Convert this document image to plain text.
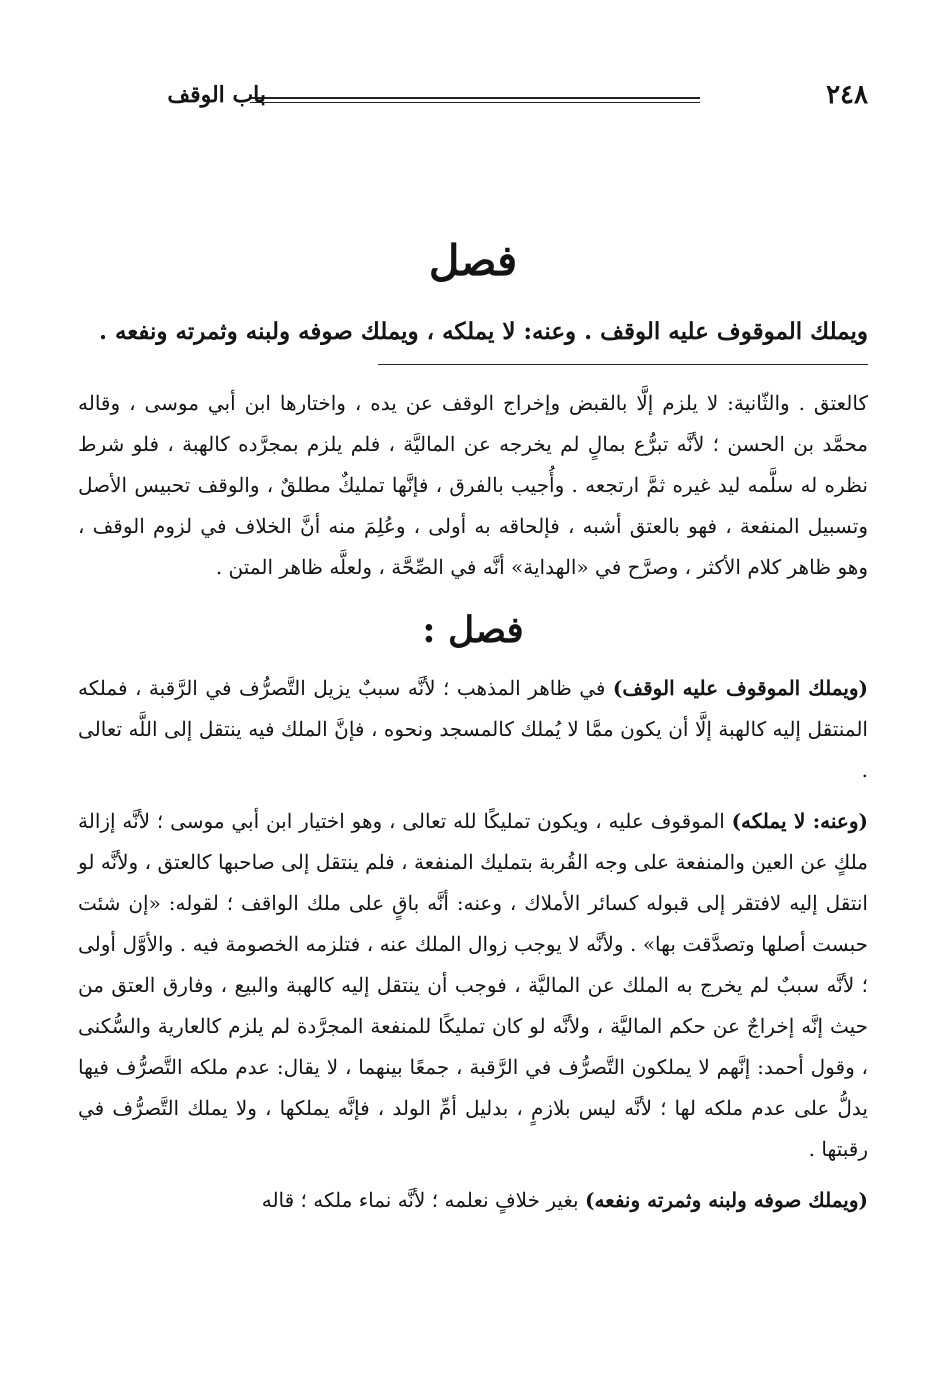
٢٤٨
باب الوقف
فصل
ويملك الموقوف عليه الوقف . وعنه: لا يملكه ، ويملك صوفه ولبنه وثمرته ونفعه .

كالعتق . والثّانية: لا يلزم إلَّا بالقبض وإخراج الوقف عن يده ، واختارها ابن أبي موسى ، وقاله محمَّد بن الحسن ؛ لأنَّه تبرُّع بمالٍ لم يخرجه عن الماليَّة ، فلم يلزم بمجرَّده كالهبة ، فلو شرط نظره له سلَّمه ليد غيره ثمَّ ارتجعه . وأُجيب بالفرق ، فإنَّها تمليكٌ مطلقٌ ، والوقف تحبيس الأصل وتسبيل المنفعة ، فهو بالعتق أشبه ، فإلحاقه به أولى ، وعُلِمَ منه أنَّ الخلاف في لزوم الوقف ، وهو ظاهر كلام الأكثر ، وصرَّح في «الهداية» أنَّه في الصِّحَّة ، ولعلَّه ظاهر المتن .

فصل :

(ويملك الموقوف عليه الوقف) في ظاهر المذهب ؛ لأنَّه سببٌ يزيل التَّصرُّف في الرَّقبة ، فملكه المنتقل إليه كالهبة إلَّا أن يكون ممَّا لا يُملك كالمسجد ونحوه ، فإنَّ الملك فيه ينتقل إلى اللَّه تعالى .

(وعنه: لا يملكه) الموقوف عليه ، ويكون تمليكًا لله تعالى ، وهو اختيار ابن أبي موسى ؛ لأنَّه إزالة ملكٍ عن العين والمنفعة على وجه القُربة بتمليك المنفعة ، فلم ينتقل إلى صاحبها كالعتق ، ولأنَّه لو انتقل إليه لافتقر إلى قبوله كسائر الأملاك ، وعنه: أنَّه باقٍ على ملك الواقف ؛ لقوله: «إن شئت حبست أصلها وتصدَّقت بها» . ولأنَّه لا يوجب زوال الملك عنه ، فتلزمه الخصومة فيه . والأوَّل أولى ؛ لأنَّه سببٌ لم يخرج به الملك عن الماليَّة ، فوجب أن ينتقل إليه كالهبة والبيع ، وفارق العتق من حيث إنَّه إخراجٌ عن حكم الماليَّة ، ولأنَّه لو كان تمليكًا للمنفعة المجرَّدة لم يلزم كالعارية والسُّكنى ، وقول أحمد: إنَّهم لا يملكون التَّصرُّف في الرَّقبة ، جمعًا بينهما ، لا يقال: عدم ملكه التَّصرُّف فيها يدلُّ على عدم ملكه لها ؛ لأنَّه ليس بلازمٍ ، بدليل أمِّ الولد ، فإنَّه يملكها ، ولا يملك التَّصرُّف في رقبتها .

(ويملك صوفه ولبنه وثمرته ونفعه) بغير خلافٍ نعلمه ؛ لأنَّه نماء ملكه ؛ قاله
